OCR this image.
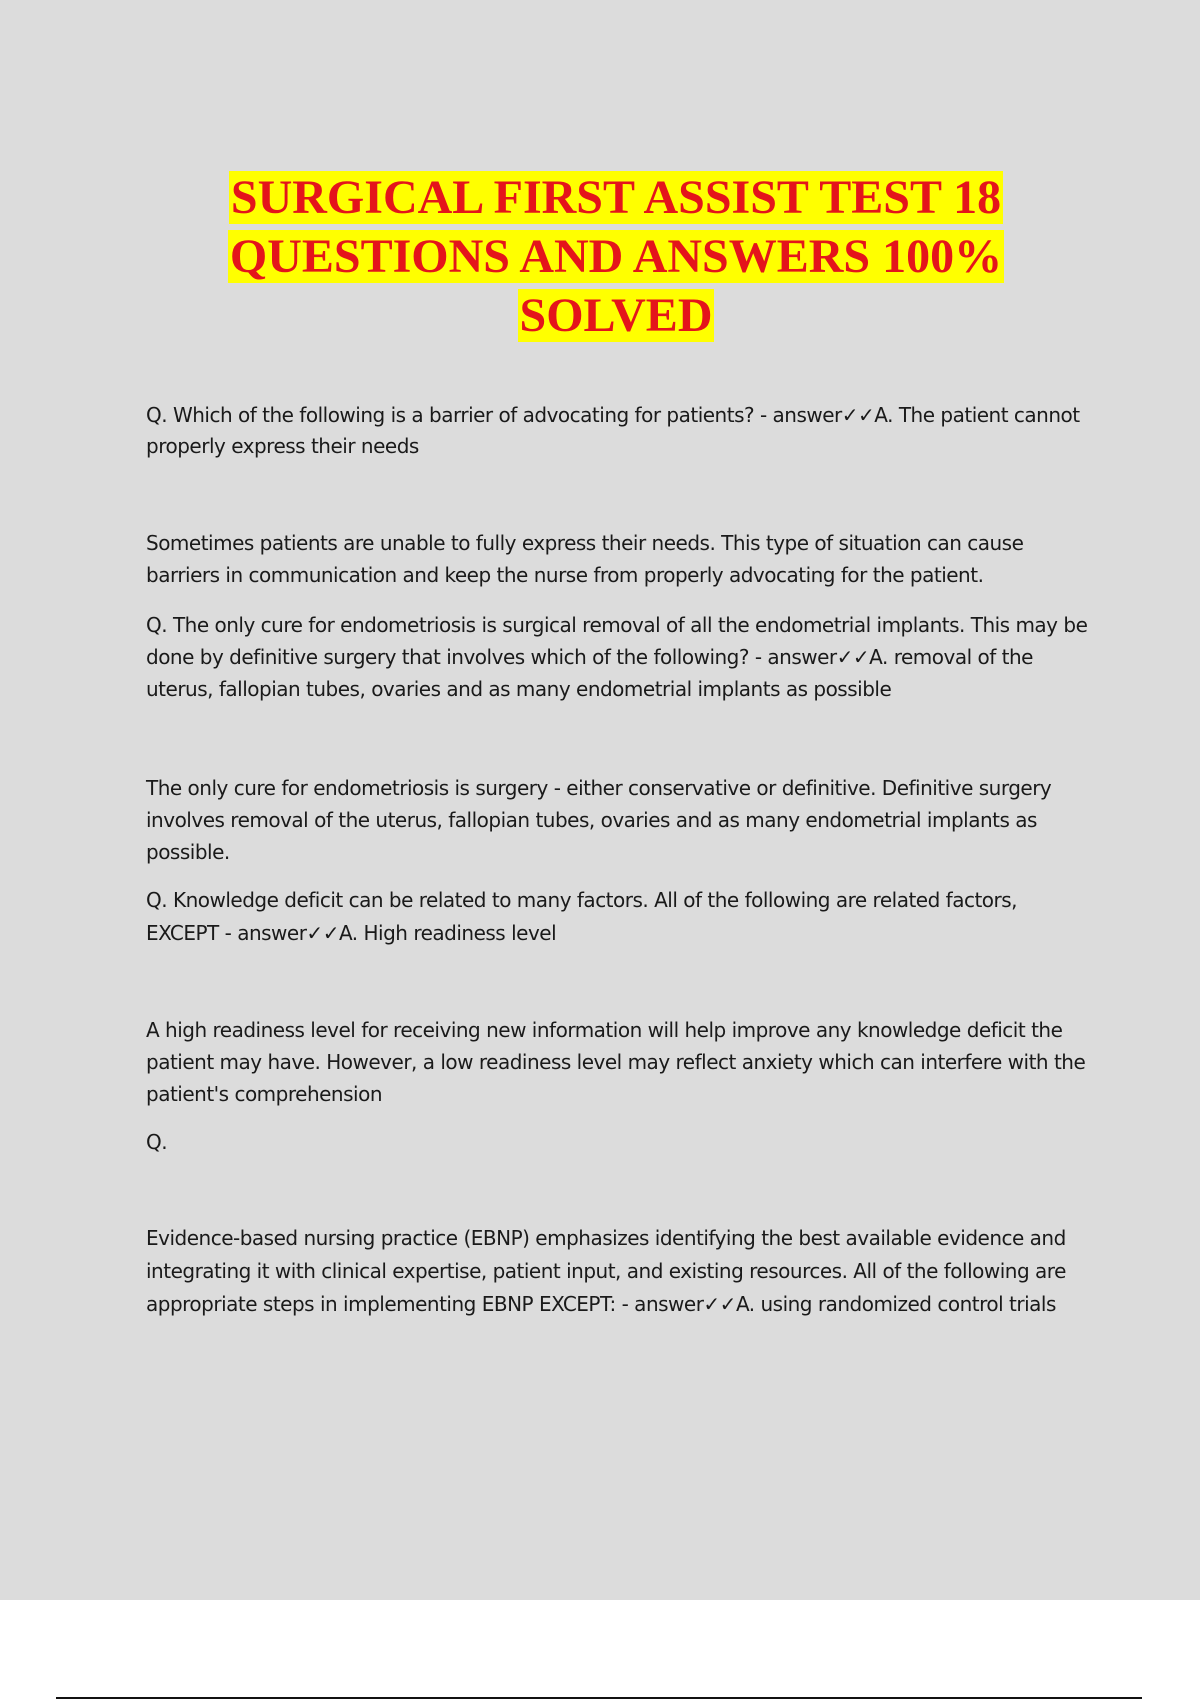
SURGICAL FIRST ASSIST TEST 18 QUESTIONS AND ANSWERS 100% SOLVED

Q. Which of the following is a barrier of advocating for patients? - answer✓✓A. The patient cannot properly express their needs

Sometimes patients are unable to fully express their needs. This type of situation can cause barriers in communication and keep the nurse from properly advocating for the patient.

Q. The only cure for endometriosis is surgical removal of all the endometrial implants. This may be done by definitive surgery that involves which of the following? - answer✓✓A. removal of the uterus, fallopian tubes, ovaries and as many endometrial implants as possible

The only cure for endometriosis is surgery - either conservative or definitive. Definitive surgery involves removal of the uterus, fallopian tubes, ovaries and as many endometrial implants as possible.

Q. Knowledge deficit can be related to many factors. All of the following are related factors, EXCEPT - answer✓✓A. High readiness level

A high readiness level for receiving new information will help improve any knowledge deficit the patient may have. However, a low readiness level may reflect anxiety which can interfere with the patient's comprehension

Q.

Evidence-based nursing practice (EBNP) emphasizes identifying the best available evidence and integrating it with clinical expertise, patient input, and existing resources. All of the following are appropriate steps in implementing EBNP EXCEPT: - answer✓✓A. using randomized control trials
